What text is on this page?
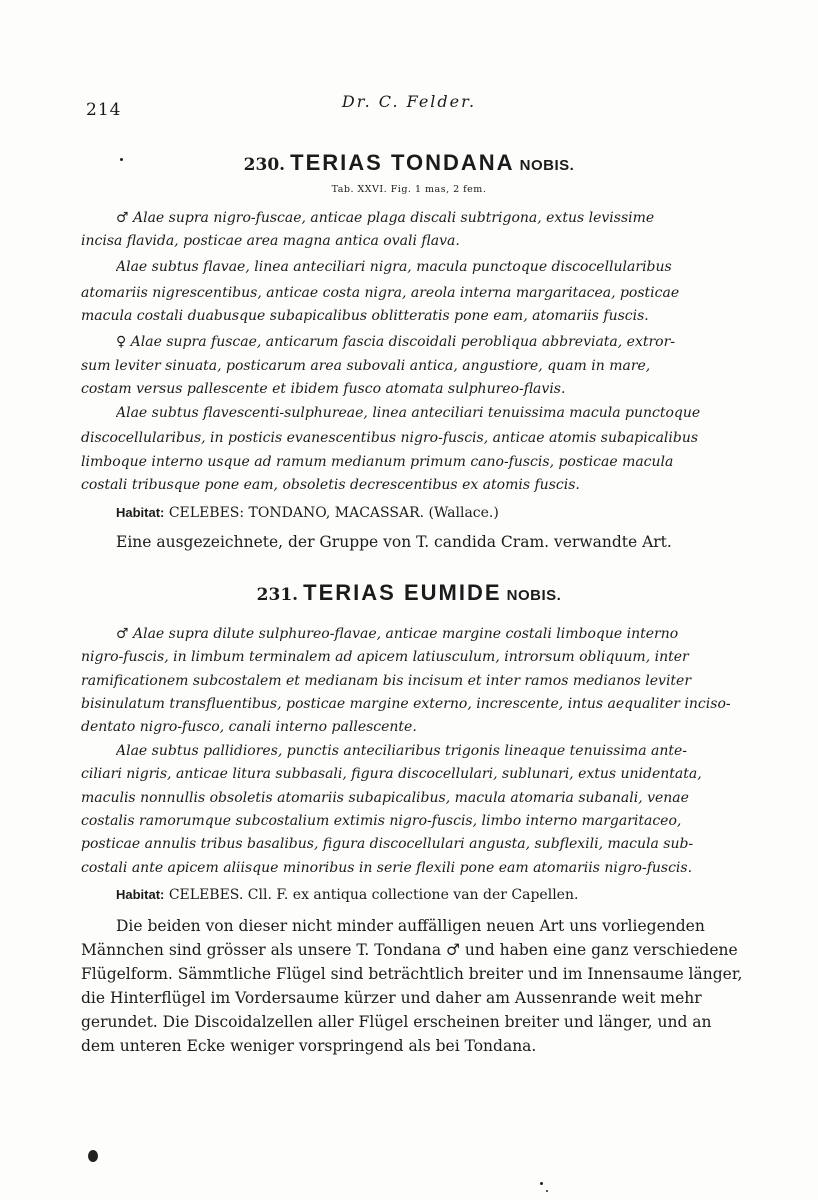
214	Dr. C. Felder.
230. TERIAS TONDANA NOBIS.
Tab. XXVI. Fig. 1 mas, 2 fem.
♂ Alae supra nigro-fuscae, anticae plaga discali subtrigona, extus levissime
incisa flavida, posticae area magna antica ovali flava.
Alae subtus flavae, linea anteciliari nigra, macula punctoque discocellularibus
atomariis nigrescentibus, anticae costa nigra, areola interna margaritacea, posticae
macula costali duabusque subapicalibus oblitteratis pone eam, atomariis fuscis.
♀ Alae supra fuscae, anticarum fascia discoidali perobliqua abbreviata, extror-
sum leviter sinuata, posticarum area subovali antica, angustiore, quam in mare,
costam versus pallescente et ibidem fusco atomata sulphureo-flavis.
Alae subtus flavescenti-sulphureae, linea anteciliari tenuissima macula punctoque
discocellularibus, in posticis evanescentibus nigro-fuscis, anticae atomis subapicalibus
limboque interno usque ad ramum medianum primum cano-fuscis, posticae macula
costali tribusque pone eam, obsoletis decrescentibus ex atomis fuscis.
Habitat: CELEBES: TONDANO, MACASSAR. (Wallace.)
Eine ausgezeichnete, der Gruppe von T. candida Cram. verwandte Art.
231. TERIAS EUMIDE NOBIS.
♂ Alae supra dilute sulphureo-flavae, anticae margine costali limboque interno
nigro-fuscis, in limbum terminalem ad apicem latiusculum, introrsum obliquum, inter
ramificationem subcostalem et medianam bis incisum et inter ramos medianos leviter
bisinulatum transfluentibus, posticae margine externo, increscente, intus aequaliter inciso-
dentato nigro-fusco, canali interno pallescente.
Alae subtus pallidiores, punctis anteciliaribus trigonis lineaque tenuissima ante-
ciliari nigris, anticae litura subbasali, figura discocellulari, sublunari, extus unidentata,
maculis nonnullis obsoletis atomariis subapicalibus, macula atomaria subanali, venae
costalis ramorumque subcostalium extimis nigro-fuscis, limbo interno margaritaceo,
posticae annulis tribus basalibus, figura discocellulari angusta, subflexili, macula sub-
costali ante apicem aliisque minoribus in serie flexili pone eam atomariis nigro-fuscis.
Habitat: CELEBES. Cll. F. ex antiqua collectione van der Capellen.
Die beiden von dieser nicht minder auffälligen neuen Art uns vorliegenden
Männchen sind grösser als unsere T. Tondana ♂ und haben eine ganz verschiedene
Flügelform. Sämmtliche Flügel sind beträchtlich breiter und im Innensaume länger,
die Hinterflügel im Vordersaume kürzer und daher am Aussenrande weit mehr
gerundet. Die Discoidalzellen aller Flügel erscheinen breiter und länger, und an
dem unteren Ecke weniger vorspringend als bei Tondana.
